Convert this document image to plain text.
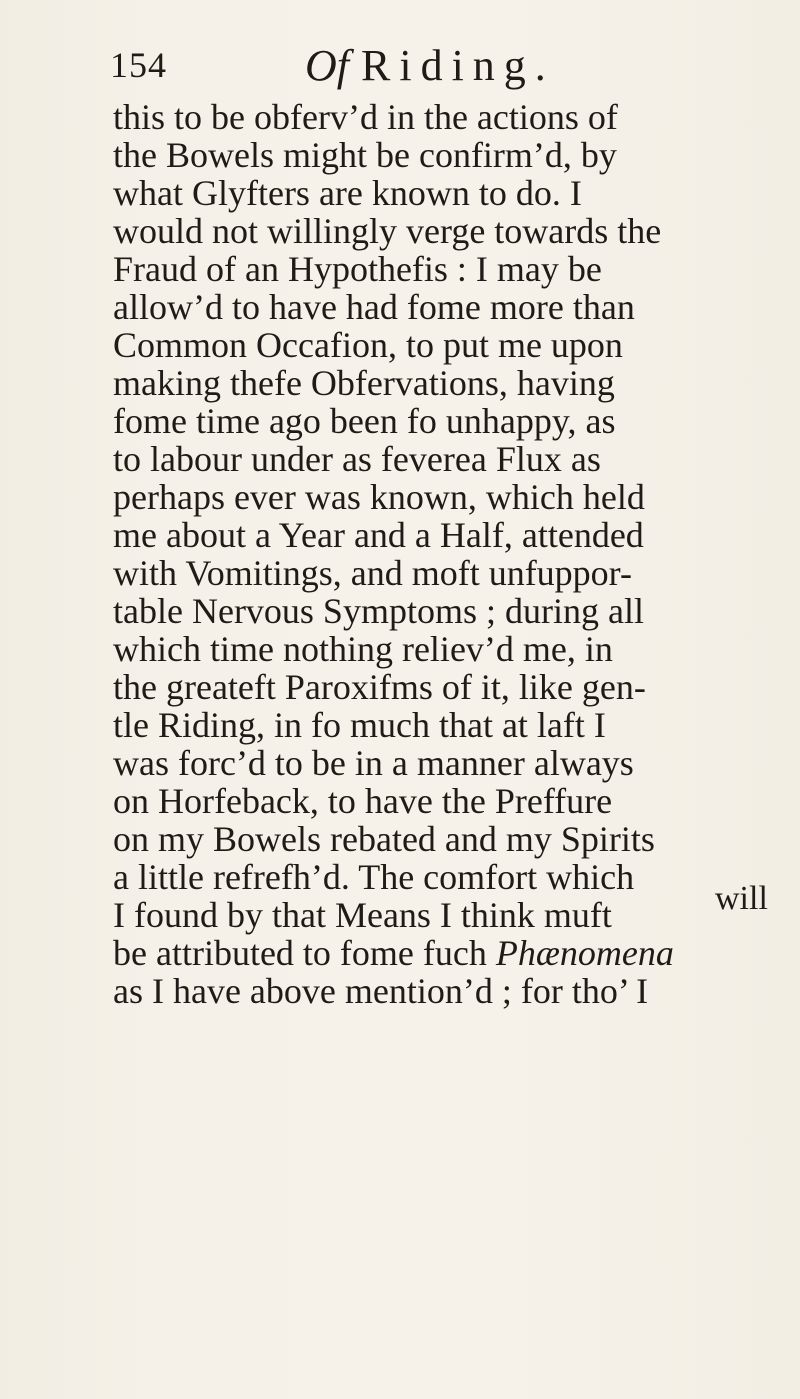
154	Of Riding.

this to be obferv’d in the actions of

the Bowels might be confirm’d, by

what Glyfters are known to do. I

would not willingly verge towards the

Fraud of an Hypothefis : I may be

allow’d to have had fome more than

Common Occafion, to put me upon

making thefe Obfervations, having

fome time ago been fo unhappy, as

to labour under as feverea Flux as

perhaps ever was known, which held

me about a Year and a Half, attended

with Vomitings, and moft unfuppor-

table Nervous Symptoms ; during all

which time nothing reliev’d me, in

the greateft Paroxifms of it, like gen-

tle Riding, in fo much that at laft I

was forc’d to be in a manner always

on Horfeback, to have the Preffure

on my Bowels rebated and my Spirits

a little refrefh’d. The comfort which

I found by that Means I think muft

be attributed to fome fuch Phænomena

as I have above mention’d ; for tho’ I

will
